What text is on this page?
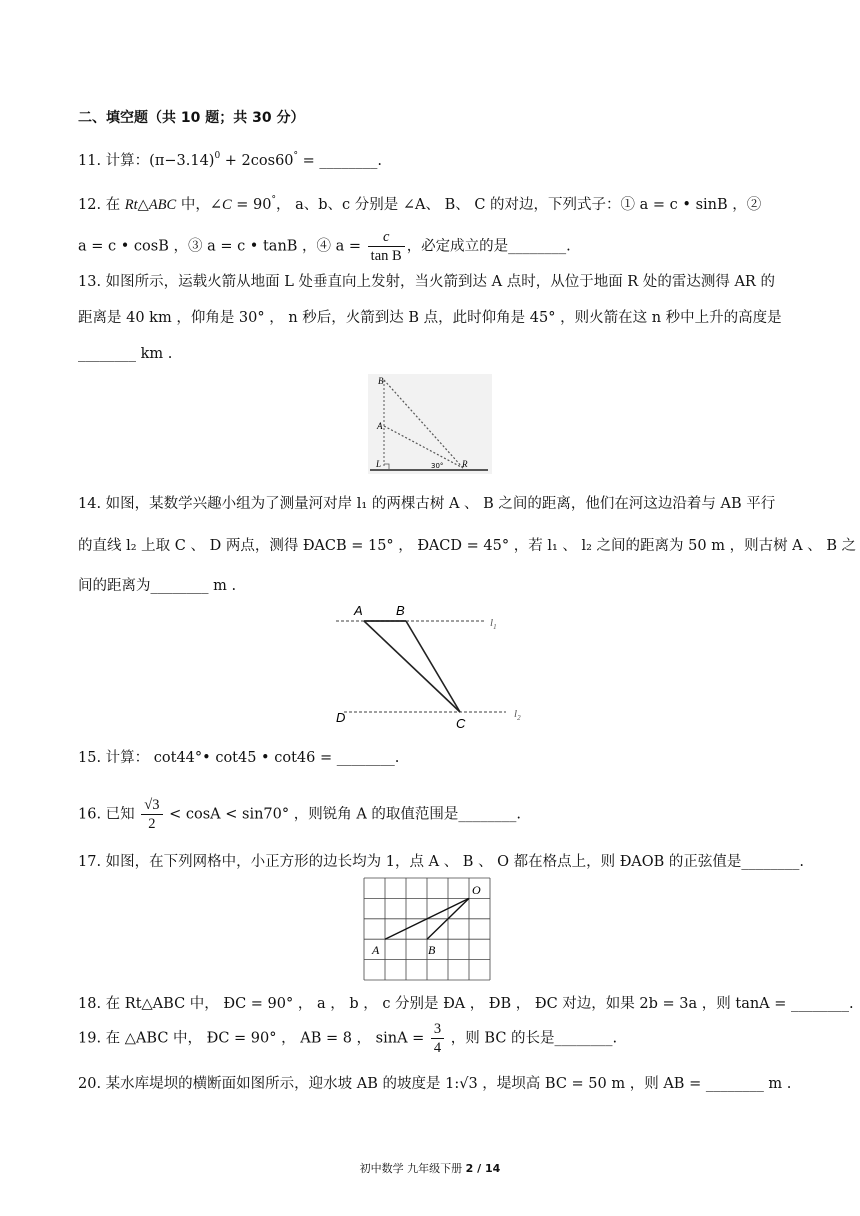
二、填空题（共 10 题；共 30 分）
11. 计算：$(\pi-3.14)^0 + 2\cos 60^\circ$ = ________.
12. 在 Rt△ABC 中，∠C = 90°， a、b、c 分别是 ∠A、 B、 C 的对边，下列式子：① a = c • sinB ，②
a = c • cosB ，③ a = c • tanB ，④ $a = \frac{c}{\text{tan B}}$ ，必定成立的是________.
13. 如图所示，运载火箭从地面 L 处垂直向上发射，当火箭到达 A 点时，从位于地面 R 处的雷达测得 AR 的
距离是 40 km ，仰角是 30° ， n 秒后，火箭到达 B 点，此时仰角是 45° ，则火箭在这 n 秒中上升的高度是
________ km .
B
A
L	R
30°
14. 如图，某数学兴趣小组为了测量河对岸 l₁ 的两棵古树 A 、 B 之间的距离，他们在河这边沿着与 AB 平行
的直线 l₂ 上取 C 、 D 两点，测得 ÐACB = 15° ， ÐACD = 45° ，若 l₁ 、 l₂ 之间的距离为 50 m ，则古树 A 、 B 之
间的距离为________ m .
A	B
C
D
$l_1$
$l_2$
15. 计算： cot44°• cot45 • cot46 = ________.
16. 已知 $\frac{√3}{2} < \cos A < \sin 70^\circ$ ，则锐角 A 的取值范围是________.
17. 如图，在下列网格中，小正方形的边长均为 1，点 A 、 B 、 O 都在格点上，则 ÐAOB 的正弦值是________.
O
A	B
18. 在 Rt△ABC 中， ÐC = 90° ， a ， b ， c 分别是 ÐA ， ÐB ， ÐC 对边，如果 2b = 3a ，则 tanA = ________.
19. 在 △ABC 中， ÐC = 90° ， AB = 8 ， $\sin A = \frac{3}{4}$ ，则 BC 的长是________.
20. 某水库堤坝的横断面如图所示，迎水坡 AB 的坡度是 1:√3 ，堤坝高 BC = 50 m ，则 AB = ________ m .
初中数学 九年级下册 2 / 14
